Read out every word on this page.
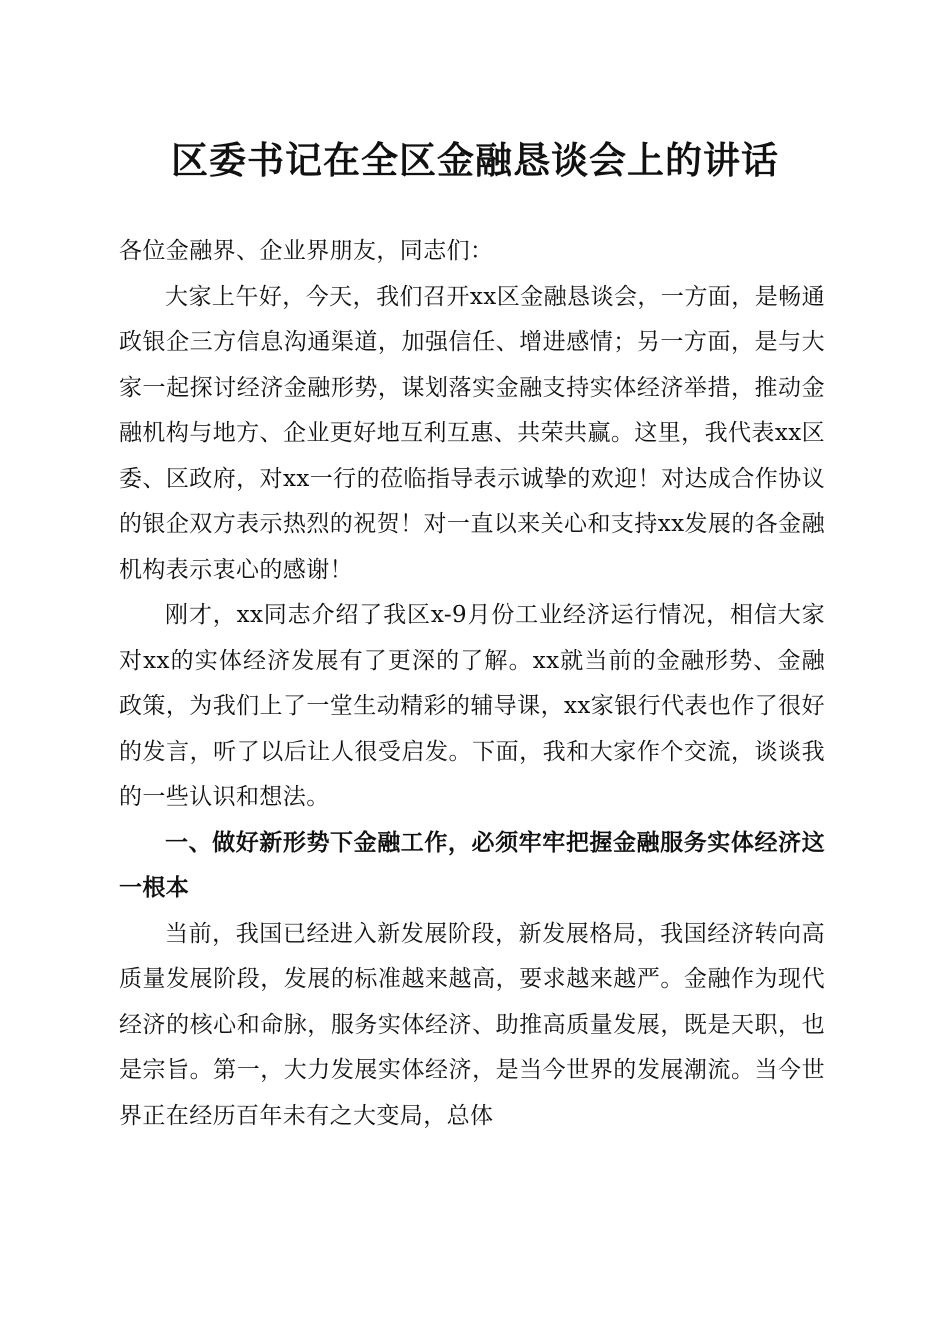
区委书记在全区金融恳谈会上的讲话

各位金融界、企业界朋友，同志们：

大家上午好，今天，我们召开xx区金融恳谈会，一方面，是畅通政银企三方信息沟通渠道，加强信任、增进感情；另一方面，是与大家一起探讨经济金融形势，谋划落实金融支持实体经济举措，推动金融机构与地方、企业更好地互利互惠、共荣共赢。这里，我代表xx区委、区政府，对xx一行的莅临指导表示诚挚的欢迎！对达成合作协议的银企双方表示热烈的祝贺！对一直以来关心和支持xx发展的各金融机构表示衷心的感谢！

刚才，xx同志介绍了我区x-9月份工业经济运行情况，相信大家对xx的实体经济发展有了更深的了解。xx就当前的金融形势、金融政策，为我们上了一堂生动精彩的辅导课，xx家银行代表也作了很好的发言，听了以后让人很受启发。下面，我和大家作个交流，谈谈我的一些认识和想法。

一、做好新形势下金融工作，必须牢牢把握金融服务实体经济这一根本

当前，我国已经进入新发展阶段，新发展格局，我国经济转向高质量发展阶段，发展的标准越来越高，要求越来越严。金融作为现代经济的核心和命脉，服务实体经济、助推高质量发展，既是天职，也是宗旨。第一，大力发展实体经济，是当今世界的发展潮流。当今世界正在经历百年未有之大变局，总体
